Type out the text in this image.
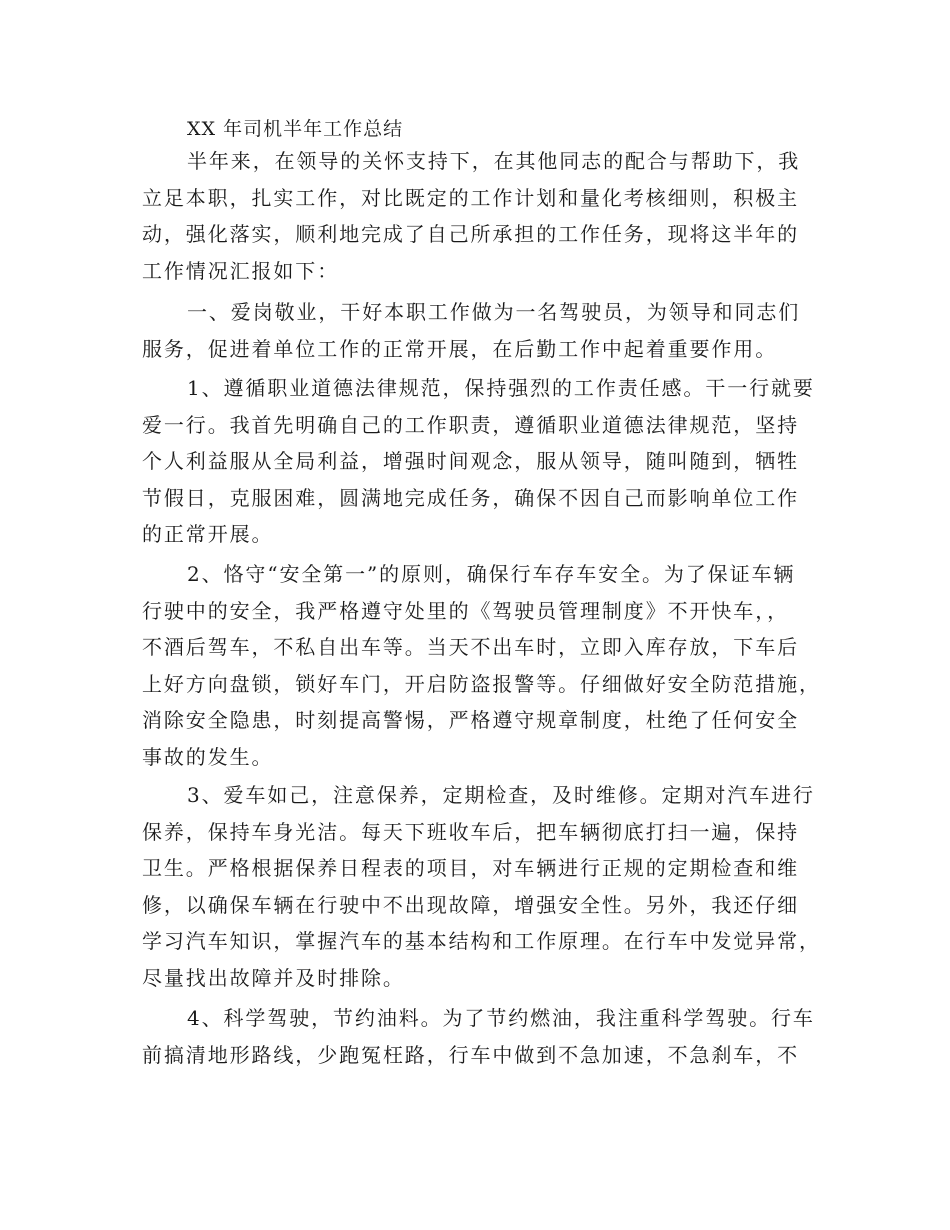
XX 年司机半年工作总结

半年来，在领导的关怀支持下，在其他同志的配合与帮助下，我
立足本职，扎实工作，对比既定的工作计划和量化考核细则，积极主
动，强化落实，顺利地完成了自己所承担的工作任务，现将这半年的
工作情况汇报如下：

一、爱岗敬业，干好本职工作做为一名驾驶员，为领导和同志们
服务，促进着单位工作的正常开展，在后勤工作中起着重要作用。

1、遵循职业道德法律规范，保持强烈的工作责任感。干一行就要
爱一行。我首先明确自己的工作职责，遵循职业道德法律规范，坚持
个人利益服从全局利益，增强时间观念，服从领导，随叫随到，牺牲
节假日，克服困难，圆满地完成任务，确保不因自己而影响单位工作
的正常开展。

2、恪守“安全第一”的原则，确保行车存车安全。为了保证车辆
行驶中的安全，我严格遵守处里的《驾驶员管理制度》不开快车，，
不酒后驾车，不私自出车等。当天不出车时，立即入库存放，下车后
上好方向盘锁，锁好车门，开启防盗报警等。仔细做好安全防范措施，
消除安全隐患，时刻提高警惕，严格遵守规章制度，杜绝了任何安全
事故的发生。

3、爱车如己，注意保养，定期检查，及时维修。定期对汽车进行
保养，保持车身光洁。每天下班收车后，把车辆彻底打扫一遍，保持
卫生。严格根据保养日程表的项目，对车辆进行正规的定期检查和维
修，以确保车辆在行驶中不出现故障，增强安全性。另外，我还仔细
学习汽车知识，掌握汽车的基本结构和工作原理。在行车中发觉异常，
尽量找出故障并及时排除。

4、科学驾驶，节约油料。为了节约燃油，我注重科学驾驶。行车
前搞清地形路线，少跑冤枉路，行车中做到不急加速，不急刹车，不
